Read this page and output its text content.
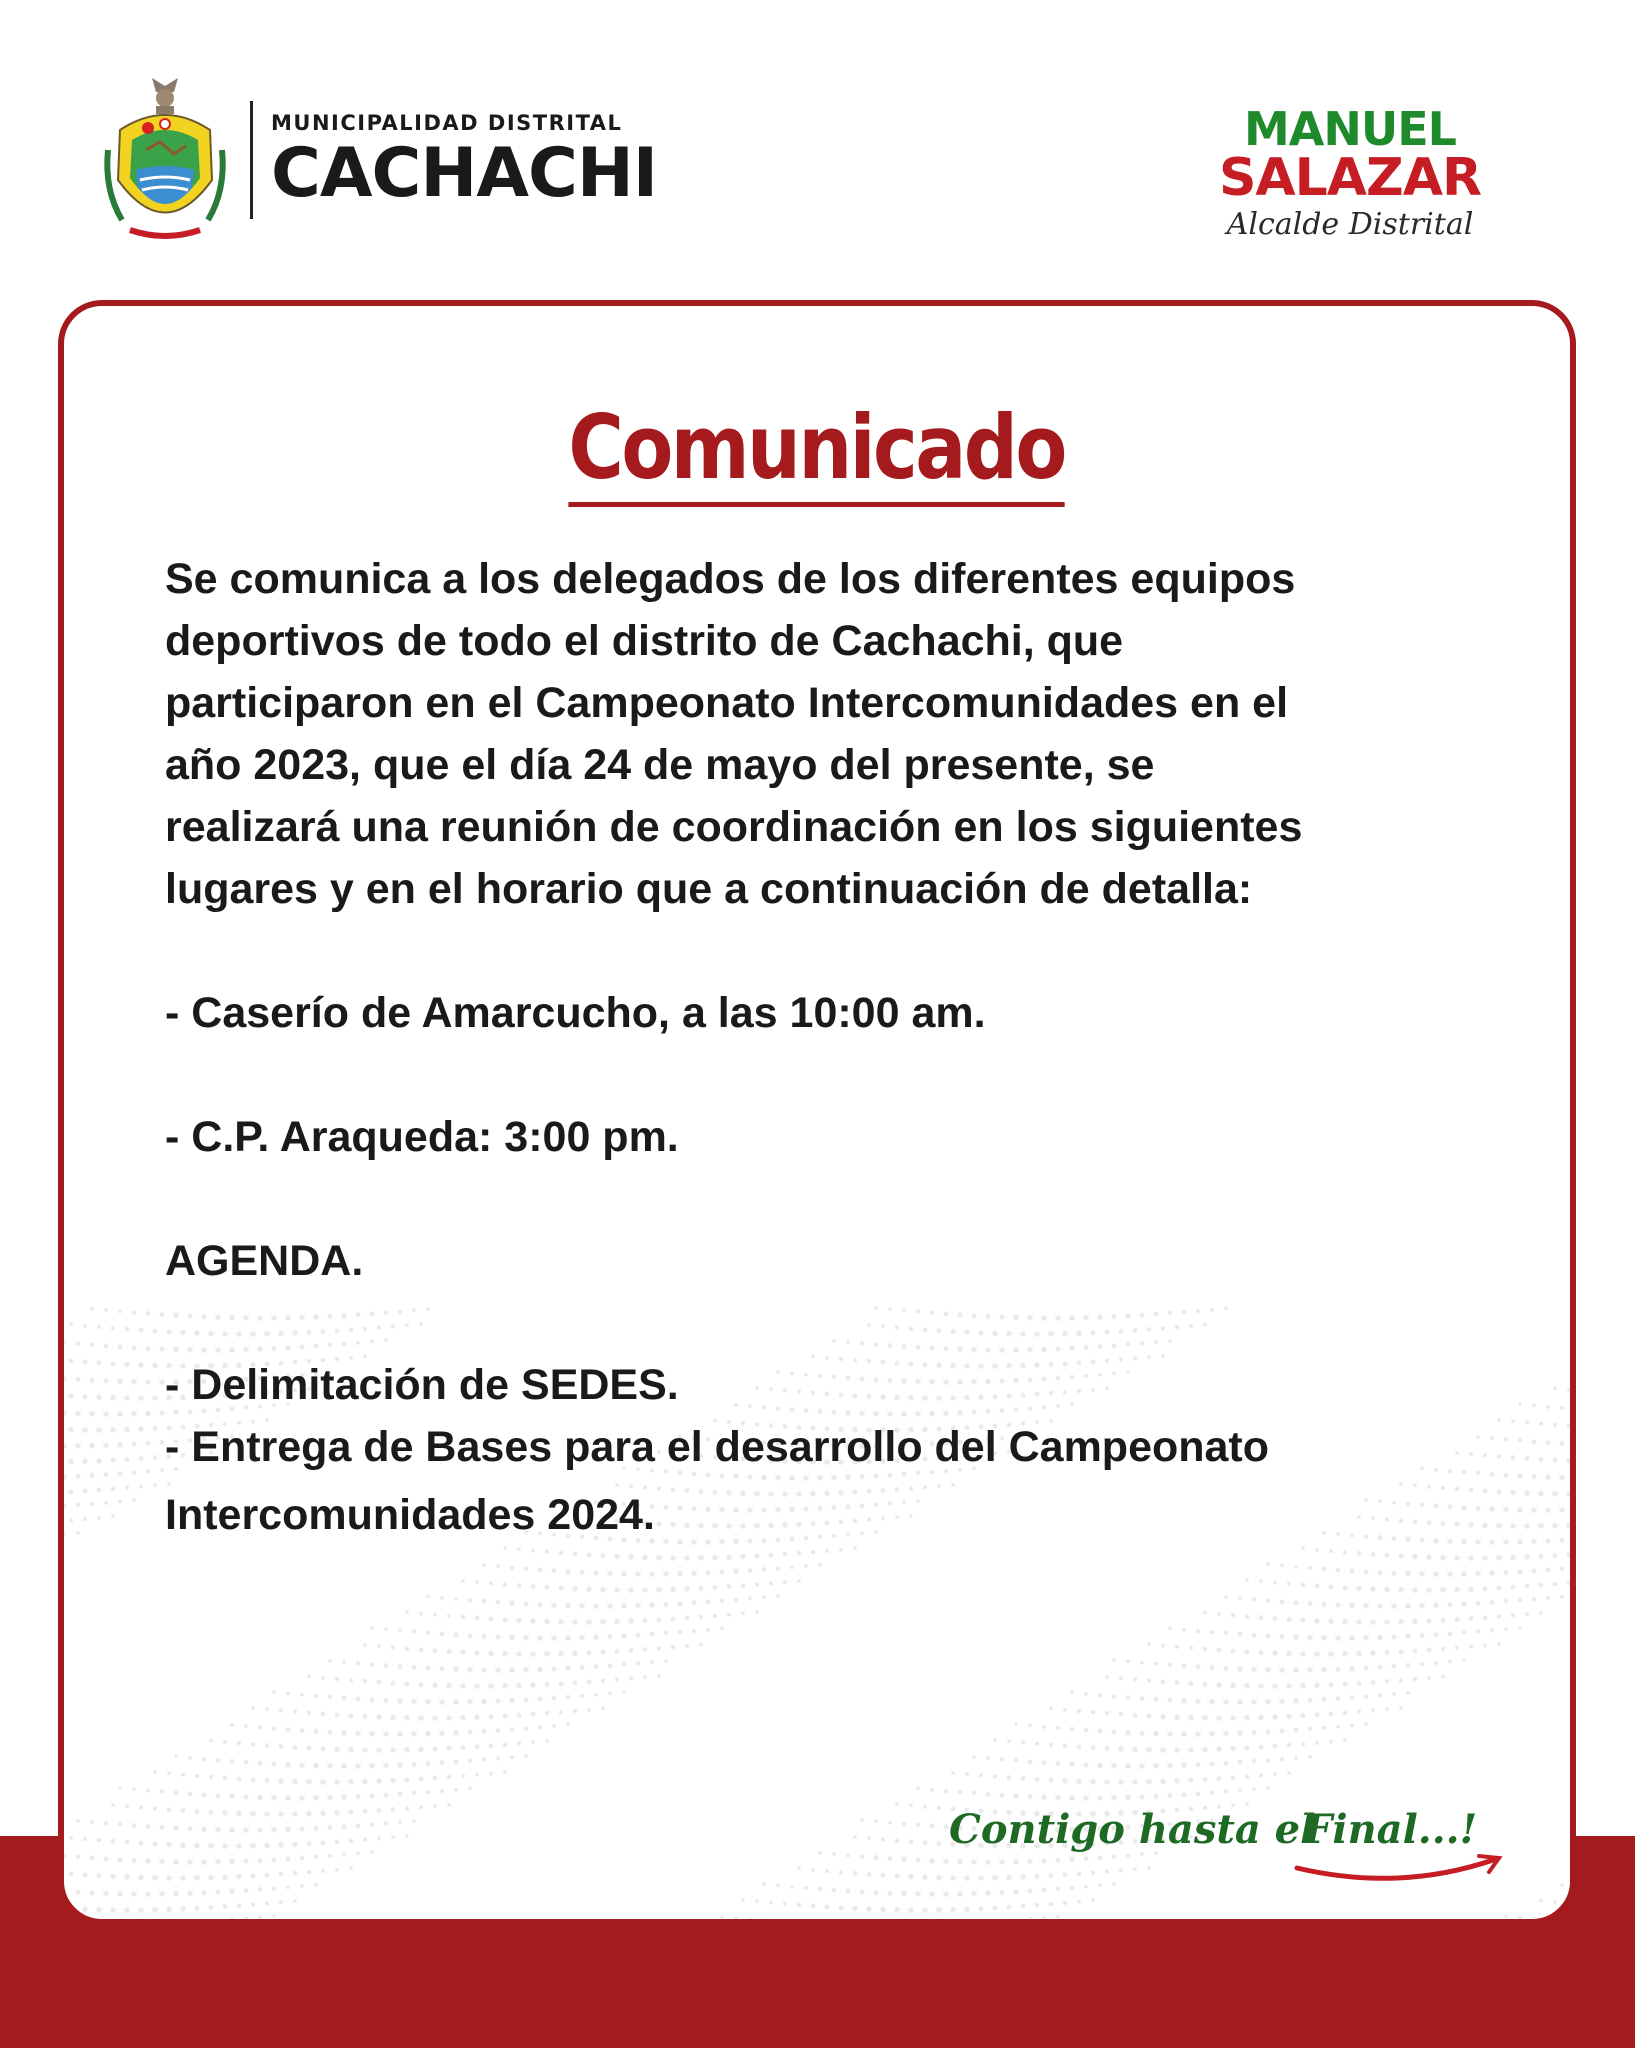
MUNICIPALIDAD DISTRITAL
CACHACHI
MANUEL
SALAZAR
Alcalde Distrital
Comunicado
Se comunica a los delegados de los diferentes equipos
deportivos de todo el distrito de Cachachi, que
participaron en el Campeonato Intercomunidades en el
año 2023, que el día 24 de mayo del presente, se
realizará una reunión de coordinación en los siguientes
lugares y en el horario que a continuación de detalla:
- Caserío de Amarcucho, a las 10:00 am.
- C.P. Araqueda: 3:00 pm.
AGENDA.
- Delimitación de SEDES.
- Entrega de Bases para el desarrollo del Campeonato
Intercomunidades 2024.
Contigo hasta el
Final...!
